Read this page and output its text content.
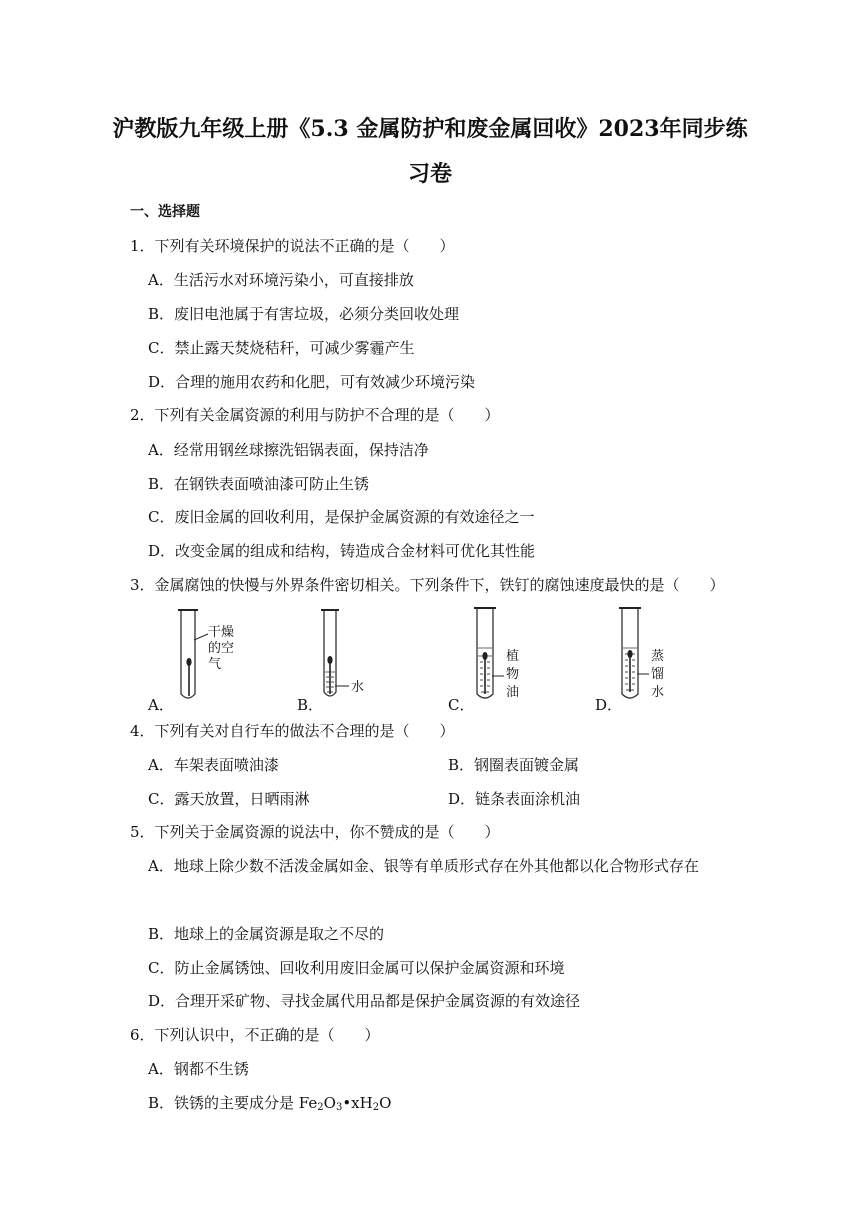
沪教版九年级上册《5.3 金属防护和废金属回收》2023年同步练
习卷
一、选择题
1．下列有关环境保护的说法不正确的是（　　）
A．生活污水对环境污染小，可直接排放
B．废旧电池属于有害垃圾，必须分类回收处理
C．禁止露天焚烧秸秆，可减少雾霾产生
D．合理的施用农药和化肥，可有效减少环境污染
2．下列有关金属资源的利用与防护不合理的是（　　）
A．经常用钢丝球擦洗铝锅表面，保持洁净
B．在钢铁表面喷油漆可防止生锈
C．废旧金属的回收利用，是保护金属资源的有效途径之一
D．改变金属的组成和结构，铸造成合金材料可优化其性能
3．金属腐蚀的快慢与外界条件密切相关。下列条件下，铁钉的腐蚀速度最快的是（　　）
A．	B．	C．	D．
干燥
的空
气
水
植
物
油
蒸
馏
水
4．下列有关对自行车的做法不合理的是（　　）
A．车架表面喷油漆	B．钢圈表面镀金属
C．露天放置，日晒雨淋	D．链条表面涂机油
5．下列关于金属资源的说法中，你不赞成的是（　　）
A．地球上除少数不活泼金属如金、银等有单质形式存在外其他都以化合物形式存在
B．地球上的金属资源是取之不尽的
C．防止金属锈蚀、回收利用废旧金属可以保护金属资源和环境
D．合理开采矿物、寻找金属代用品都是保护金属资源的有效途径
6．下列认识中，不正确的是（　　）
A．钢都不生锈
B．铁锈的主要成分是 $Fe_2O_3•xH_2O$
